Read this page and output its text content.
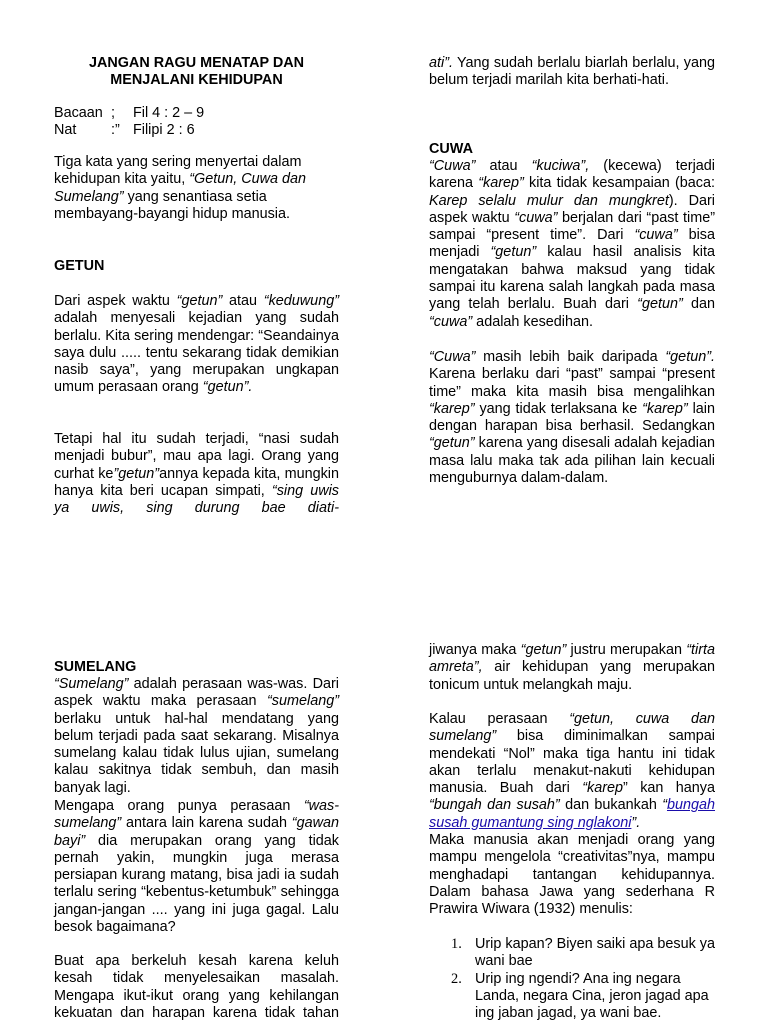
JANGAN RAGU MENATAP DAN
MENJALANI KEHIDUPAN
Bacaan ; Fil 4 : 2 – 9
Nat :” Filipi 2 : 6

Tiga kata yang sering menyertai dalam kehidupan kita yaitu, “Getun, Cuwa dan Sumelang” yang senantiasa setia membayang-bayangi hidup manusia.

GETUN

Dari aspek waktu “getun” atau “keduwung” adalah menyesali kejadian yang sudah berlalu. Kita sering mendengar: “Seandainya saya dulu ..... tentu sekarang tidak demikian nasib saya”, yang merupakan ungkapan umum perasaan orang “getun”.

Tetapi hal itu sudah terjadi, “nasi sudah menjadi bubur”, mau apa lagi. Orang yang curhat ke”getun”annya kepada kita, mungkin hanya kita beri ucapan simpati, “sing uwis ya uwis, sing durung bae diati-

ati”. Yang sudah berlalu biarlah berlalu, yang belum terjadi marilah kita berhati-hati.

CUWA

“Cuwa” atau “kuciwa”, (kecewa) terjadi karena “karep” kita tidak kesampaian (baca: Karep selalu mulur dan mungkret). Dari aspek waktu “cuwa” berjalan dari “past time” sampai “present time”. Dari “cuwa” bisa menjadi “getun” kalau hasil analisis kita mengatakan bahwa maksud yang tidak sampai itu karena salah langkah pada masa yang telah berlalu. Buah dari “getun” dan “cuwa” adalah kesedihan.

“Cuwa” masih lebih baik daripada “getun”. Karena berlaku dari “past” sampai “present time” maka kita masih bisa mengalihkan “karep” yang tidak terlaksana ke “karep” lain dengan harapan bisa berhasil. Sedangkan “getun” karena yang disesali adalah kejadian masa lalu maka tak ada pilihan lain kecuali menguburnya dalam-dalam.

SUMELANG

“Sumelang” adalah perasaan was-was. Dari aspek waktu maka perasaan “sumelang” berlaku untuk hal-hal mendatang yang belum terjadi pada saat sekarang. Misalnya sumelang kalau tidak lulus ujian, sumelang kalau sakitnya tidak sembuh, dan masih banyak lagi.

Mengapa orang punya perasaan “was-sumelang” antara lain karena sudah “gawan bayi” dia merupakan orang yang tidak pernah yakin, mungkin juga merasa persiapan kurang matang, bisa jadi ia sudah terlalu sering “kebentus-ketumbuk” sehingga jangan-jangan .... yang ini juga gagal. Lalu besok bagaimana?

Buat apa berkeluh kesah karena keluh kesah tidak menyelesaikan masalah. Mengapa ikut-ikut orang yang kehilangan kekuatan dan harapan karena tidak tahan

jiwanya maka “getun” justru merupakan “tirta amreta”, air kehidupan yang merupakan tonicum untuk melangkah maju.

Kalau perasaan “getun, cuwa dan sumelang” bisa diminimalkan sampai mendekati “Nol” maka tiga hantu ini tidak akan terlalu menakut-nakuti kehidupan manusia. Buah dari “karep” kan hanya “bungah dan susah” dan bukankah “bungah susah gumantung sing nglakoni”.

Maka manusia akan menjadi orang yang mampu mengelola “creativitas”nya, mampu menghadapi tantangan kehidupannya. Dalam bahasa Jawa yang sederhana R Prawira Wiwara (1932) menulis:

1. Urip kapan? Biyen saiki apa besuk ya wani bae
2. Urip ing ngendi? Ana ing negara Landa, negara Cina, jeron jagad apa ing jaban jagad, ya wani bae.
